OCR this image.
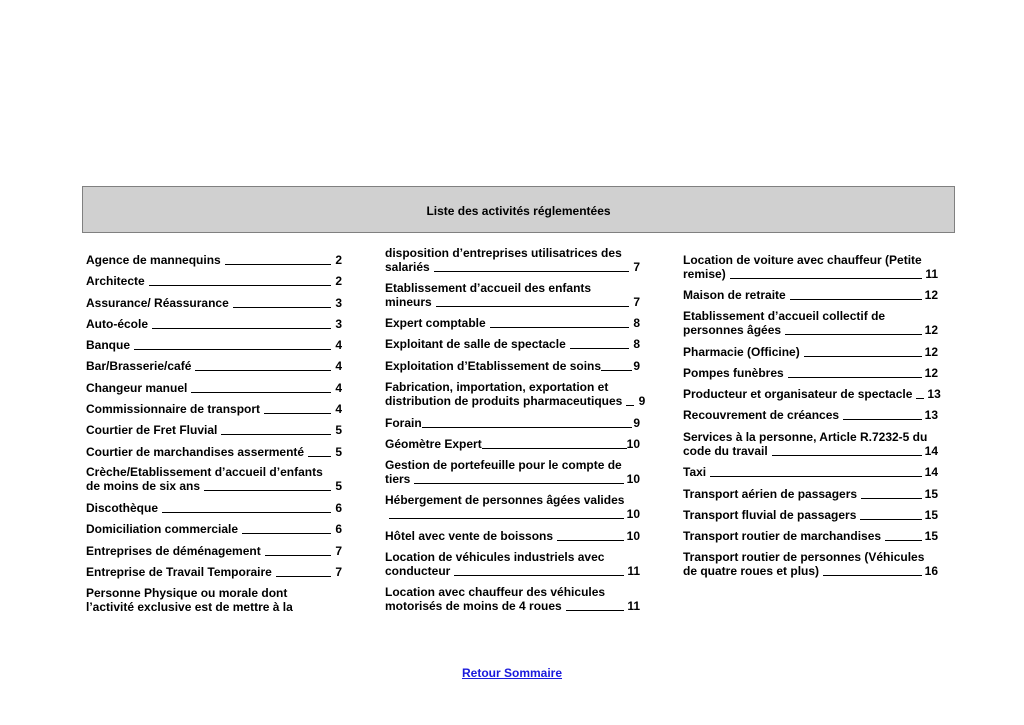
Liste des activités réglementées
Agence de mannequins	2
Architecte	2
Assurance/ Réassurance	3
Auto-école	3
Banque	4
Bar/Brasserie/café	4
Changeur manuel	4
Commissionnaire de transport	4
Courtier de Fret Fluvial	5
Courtier de marchandises assermenté	5
Crèche/Etablissement d’accueil d’enfants
de moins de six ans	5
Discothèque	6
Domiciliation commerciale	6
Entreprises de déménagement	7
Entreprise de Travail Temporaire	7
Personne Physique ou morale dont
l’activité exclusive est de mettre à la
disposition d’entreprises utilisatrices des
salariés	7
Etablissement d’accueil des enfants
mineurs	7
Expert comptable	8
Exploitant de salle de spectacle	8
Exploitation d’Etablissement de soins	9
Fabrication, importation, exportation et
distribution de produits pharmaceutiques 9
Forain	9
Géomètre Expert	10
Gestion de portefeuille pour le compte de
tiers	10
Hébergement de personnes âgées valides
10
Hôtel avec vente de boissons	10
Location de véhicules industriels avec
conducteur	11
Location avec chauffeur des véhicules
motorisés de moins de 4 roues	11
Location de voiture avec chauffeur (Petite
remise)	11
Maison de retraite	12
Etablissement d’accueil collectif de
personnes âgées	12
Pharmacie (Officine)	12
Pompes funèbres	12
Producteur et organisateur de spectacle 13
Recouvrement de créances	13
Services à la personne, Article R.7232-5 du
code du travail	14
Taxi	14
Transport aérien de passagers	15
Transport fluvial de passagers	15
Transport routier de marchandises	15
Transport routier de personnes (Véhicules
de quatre roues et plus)	16
Retour Sommaire
